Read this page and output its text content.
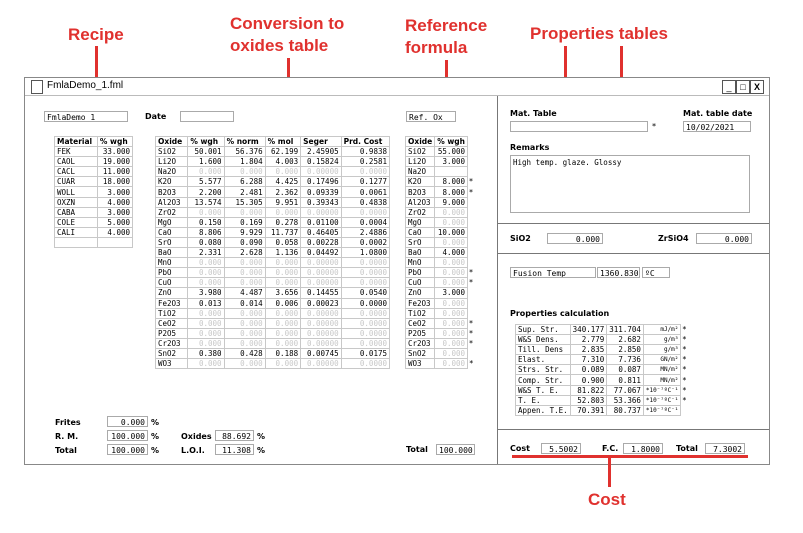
Recipe
Conversion to
oxides table
Reference
formula
Properties tables
Cost
FmlaDemo_1.fml	_ □ X
FmlaDemo_1	Date	Ref. Ox
Material	% wgh
FEK	33.000
CAOL	19.000
CACL	11.000
CUAR	18.000
WOLL	3.000
OXZN	4.000
CABA	3.000
COLE	5.000
CALI	4.000

Oxide	% wgh	% norm	% mol	Seger	Prd. Cost
SiO2	50.001	56.376	62.199	2.45905	0.9838
Li2O	1.600	1.804	4.003	0.15824	0.2581
Na2O	0.000	0.000	0.000	0.00000	0.0000
K2O	5.577	6.288	4.425	0.17496	0.1277
B2O3	2.200	2.481	2.362	0.09339	0.0061
Al2O3	13.574	15.305	9.951	0.39343	0.4838
ZrO2	0.000	0.000	0.000	0.00000	0.0000
MgO	0.150	0.169	0.278	0.01100	0.0004
CaO	8.806	9.929	11.737	0.46405	2.4886
SrO	0.080	0.090	0.058	0.00228	0.0002
BaO	2.331	2.628	1.136	0.04492	1.0800
MnO	0.000	0.000	0.000	0.00000	0.0000
PbO	0.000	0.000	0.000	0.00000	0.0000
CuO	0.000	0.000	0.000	0.00000	0.0000
ZnO	3.980	4.487	3.656	0.14455	0.0540
Fe2O3	0.013	0.014	0.006	0.00023	0.0000
TiO2	0.000	0.000	0.000	0.00000	0.0000
CeO2	0.000	0.000	0.000	0.00000	0.0000
P2O5	0.000	0.000	0.000	0.00000	0.0000
Cr2O3	0.000	0.000	0.000	0.00000	0.0000
SnO2	0.380	0.428	0.188	0.00745	0.0175
WO3	0.000	0.000	0.000	0.00000	0.0000
Oxide	% wgh	
SiO2	55.000	
Li2O	3.000	
Na2O		
K2O	8.000	*
B2O3	8.000	*
Al2O3	9.000	
ZrO2	0.000	
MgO	0.000	
CaO	10.000	
SrO	0.000	
BaO	4.000	
MnO	0.000	
PbO	0.000	*
CuO	0.000	*
ZnO	3.000	
Fe2O3	0.000	
TiO2	0.000	
CeO2	0.000	*
P2O5	0.000	*
Cr2O3	0.000	*
SnO2	0.000	
WO3	0.000	*
Frites	0.000 %
R. M.	100.000 %
Total	100.000 %
Oxides	88.692 %
L.O.I.	11.308 %	Total	100.000
Mat. Table
*
Mat. table date
10/02/2021
Remarks
High temp. glaze. Glossy
SiO2	0.000	ZrSiO4	0.000
Fusion Temp	1360.830 ºC
Properties calculation
Sup. Str.	340.177	311.704	mJ/m²	*
W&S Dens.	2.779	2.682	g/m³	*
Till. Dens	2.835	2.850	g/m³	*
Elast.	7.310	7.736	GN/m²	*
Strs. Str.	0.089	0.087	MN/m²	*
Comp. Str.	0.900	0.811	MN/m²	*
W&S T. E.	81.822	77.067	*10⁻⁷ºC⁻¹	*
T. E.	52.803	53.366	*10⁻⁷ºC⁻¹	*
Appen. T.E.	70.391	80.737	*10⁻⁷ºC⁻¹	
Cost	5.5002	F.C.	1.8000	Total	7.3002
